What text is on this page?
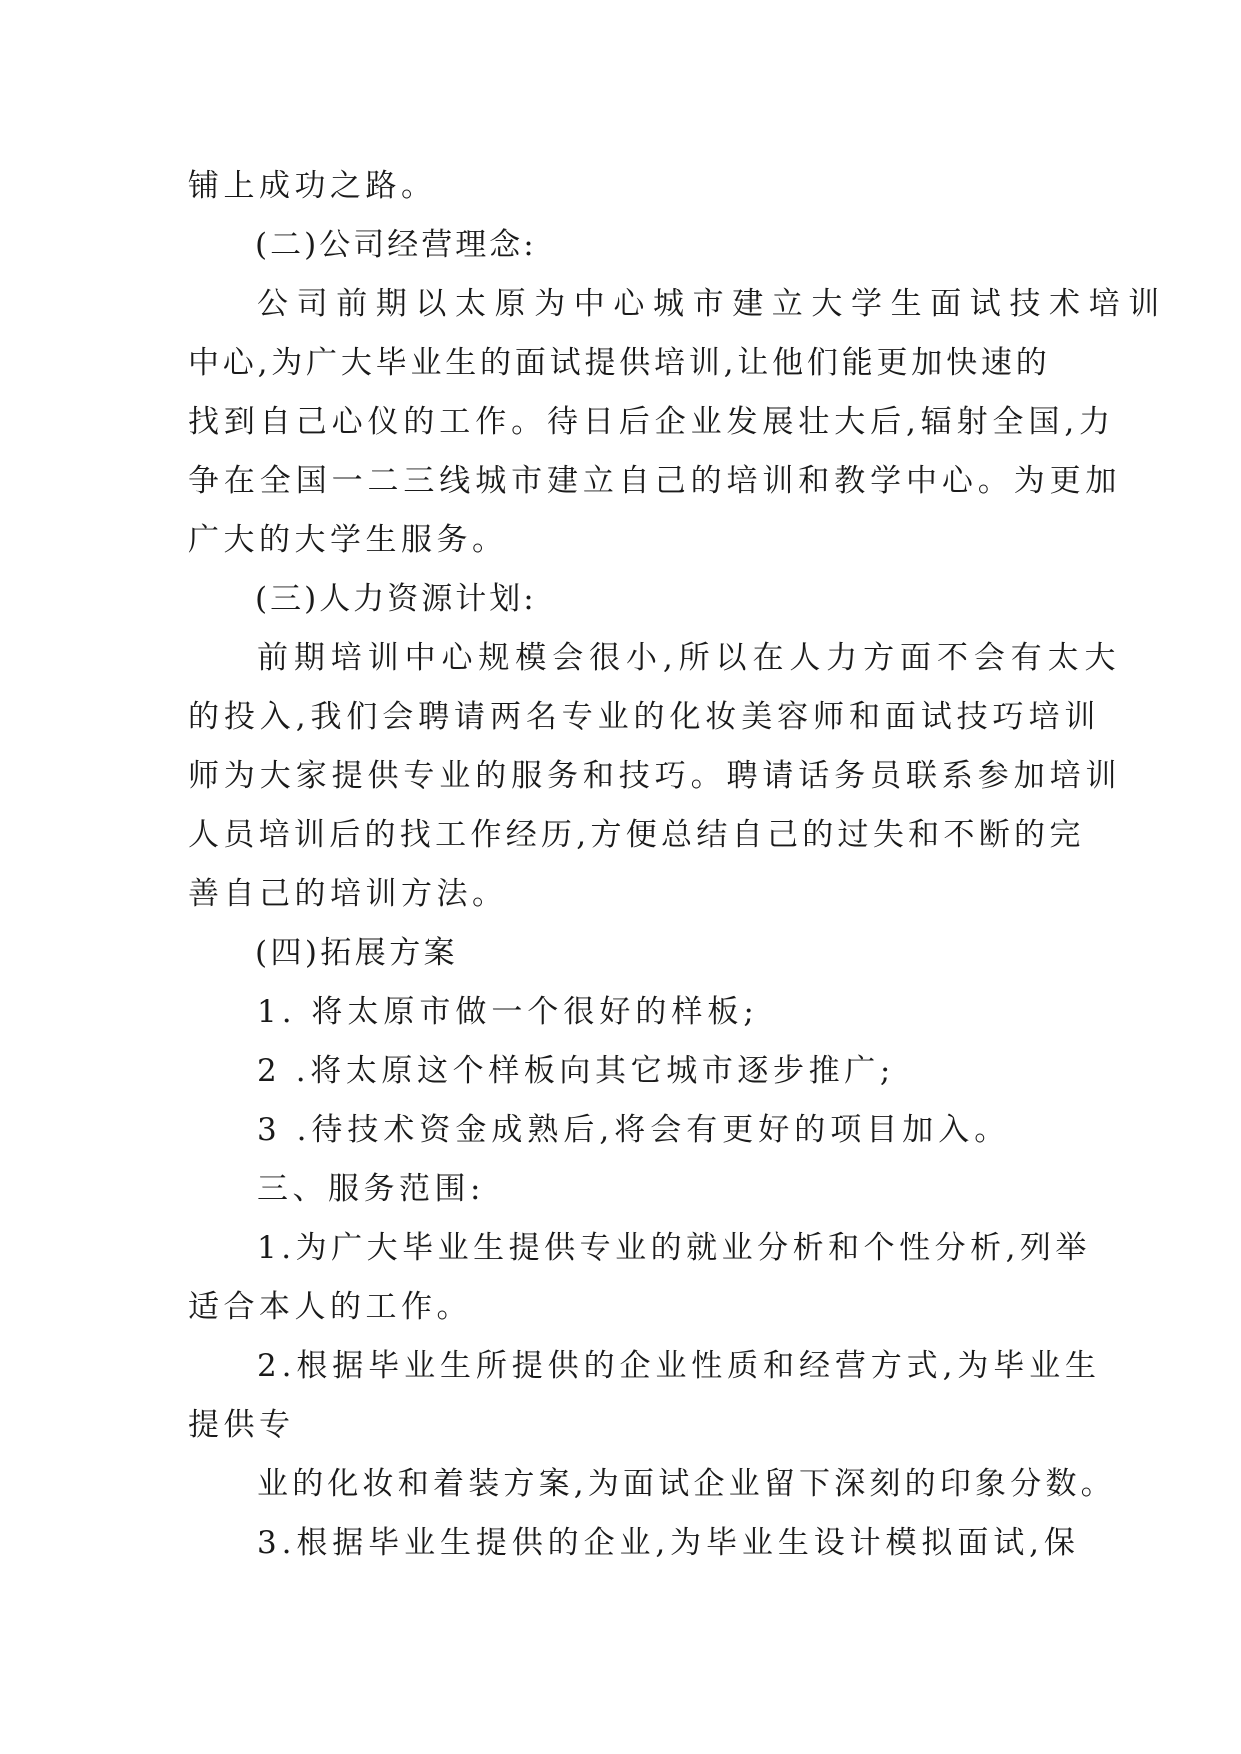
铺上成功之路。
(二)公司经营理念:
公司前期以太原为中心城市建立大学生面试技术培训
中心,为广大毕业生的面试提供培训,让他们能更加快速的
找到自己心仪的工作。待日后企业发展壮大后,辐射全国,力
争在全国一二三线城市建立自己的培训和教学中心。为更加
广大的大学生服务。
(三)人力资源计划:
前期培训中心规模会很小,所以在人力方面不会有太大
的投入,我们会聘请两名专业的化妆美容师和面试技巧培训
师为大家提供专业的服务和技巧。聘请话务员联系参加培训
人员培训后的找工作经历,方便总结自己的过失和不断的完
善自己的培训方法。
(四)拓展方案
1. 将太原市做一个很好的样板;
2 .将太原这个样板向其它城市逐步推广;
3 .待技术资金成熟后,将会有更好的项目加入。
三、服务范围:
1.为广大毕业生提供专业的就业分析和个性分析,列举
适合本人的工作。
2.根据毕业生所提供的企业性质和经营方式,为毕业生
提供专
业的化妆和着装方案,为面试企业留下深刻的印象分数。
3.根据毕业生提供的企业,为毕业生设计模拟面试,保
